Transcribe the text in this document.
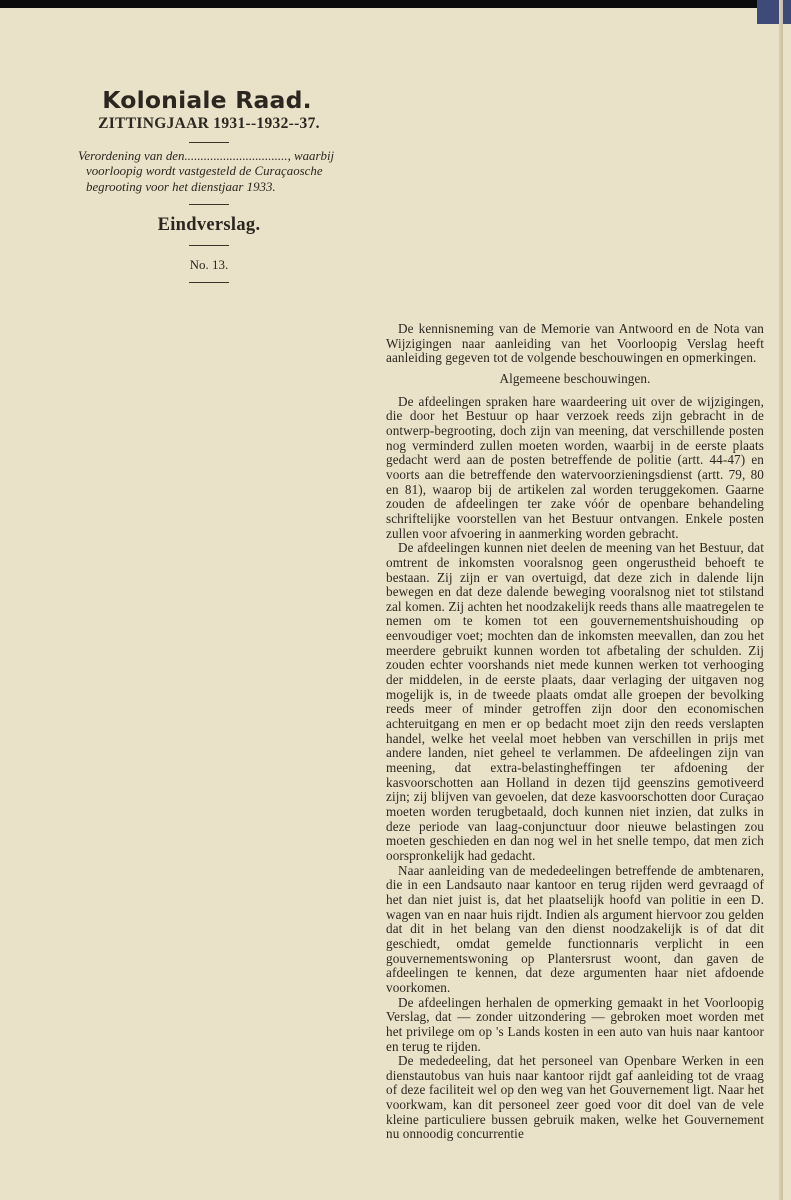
Koloniale Raad.
ZITTINGJAAR 1931--1932--37.

Verordening van den................................, waarbij voorloopig wordt vastgesteld de Curaçaosche begrooting voor het dienstjaar 1933.

Eindverslag.
No. 13.

De kennisneming van de Memorie van Antwoord en de Nota van Wijzigingen naar aanleiding van het Voorloopig Verslag heeft aanleiding gegeven tot de volgende beschouwingen en opmerkingen.

Algemeene beschouwingen.

De afdeelingen spraken hare waardeering uit over de wijzigingen, die door het Bestuur op haar verzoek reeds zijn gebracht in de ontwerp-begrooting, doch zijn van meening, dat verschillende posten nog verminderd zullen moeten worden, waarbij in de eerste plaats gedacht werd aan de posten betreffende de politie (artt. 44-47) en voorts aan die betreffende den watervoorzieningsdienst (artt. 79, 80 en 81), waarop bij de artikelen zal worden teruggekomen. Gaarne zouden de afdeelingen ter zake vóór de openbare behandeling schriftelijke voorstellen van het Bestuur ontvangen. Enkele posten zullen voor afvoering in aanmerking worden gebracht.

De afdeelingen kunnen niet deelen de meening van het Bestuur, dat omtrent de inkomsten vooralsnog geen ongerustheid behoeft te bestaan. Zij zijn er van overtuigd, dat deze zich in dalende lijn bewegen en dat deze dalende beweging vooralsnog niet tot stilstand zal komen. Zij achten het noodzakelijk reeds thans alle maatregelen te nemen om te komen tot een gouvernementshuishouding op eenvoudiger voet; mochten dan de inkomsten meevallen, dan zou het meerdere gebruikt kunnen worden tot afbetaling der schulden. Zij zouden echter voorshands niet mede kunnen werken tot verhooging der middelen, in de eerste plaats, daar verlaging der uitgaven nog mogelijk is, in de tweede plaats omdat alle groepen der bevolking reeds meer of minder getroffen zijn door den economischen achteruitgang en men er op bedacht moet zijn den reeds verslapten handel, welke het veelal moet hebben van verschillen in prijs met andere landen, niet geheel te verlammen. De afdeelingen zijn van meening, dat extra-belastingheffingen ter afdoening der kasvoorschotten aan Holland in dezen tijd geenszins gemotiveerd zijn; zij blijven van gevoelen, dat deze kasvoorschotten door Curaçao moeten worden terugbetaald, doch kunnen niet inzien, dat zulks in deze periode van laag-conjunctuur door nieuwe belastingen zou moeten geschieden en dan nog wel in het snelle tempo, dat men zich oorspronkelijk had gedacht.

Naar aanleiding van de mededeelingen betreffende de ambtenaren, die in een Landsauto naar kantoor en terug rijden werd gevraagd of het dan niet juist is, dat het plaatselijk hoofd van politie in een D. wagen van en naar huis rijdt. Indien als argument hiervoor zou gelden dat dit in het belang van den dienst noodzakelijk is of dat dit geschiedt, omdat gemelde functionnaris verplicht in een gouvernementswoning op Plantersrust woont, dan gaven de afdeelingen te kennen, dat deze argumenten haar niet afdoende voorkomen.

De afdeelingen herhalen de opmerking gemaakt in het Voorloopig Verslag, dat — zonder uitzondering — gebroken moet worden met het privilege om op 's Lands kosten in een auto van huis naar kantoor en terug te rijden.

De mededeeling, dat het personeel van Openbare Werken in een dienstautobus van huis naar kantoor rijdt gaf aanleiding tot de vraag of deze faciliteit wel op den weg van het Gouvernement ligt. Naar het voorkwam, kan dit personeel zeer goed voor dit doel van de vele kleine particuliere bussen gebruik maken, welke het Gouvernement nu onnoodig concurrentie
